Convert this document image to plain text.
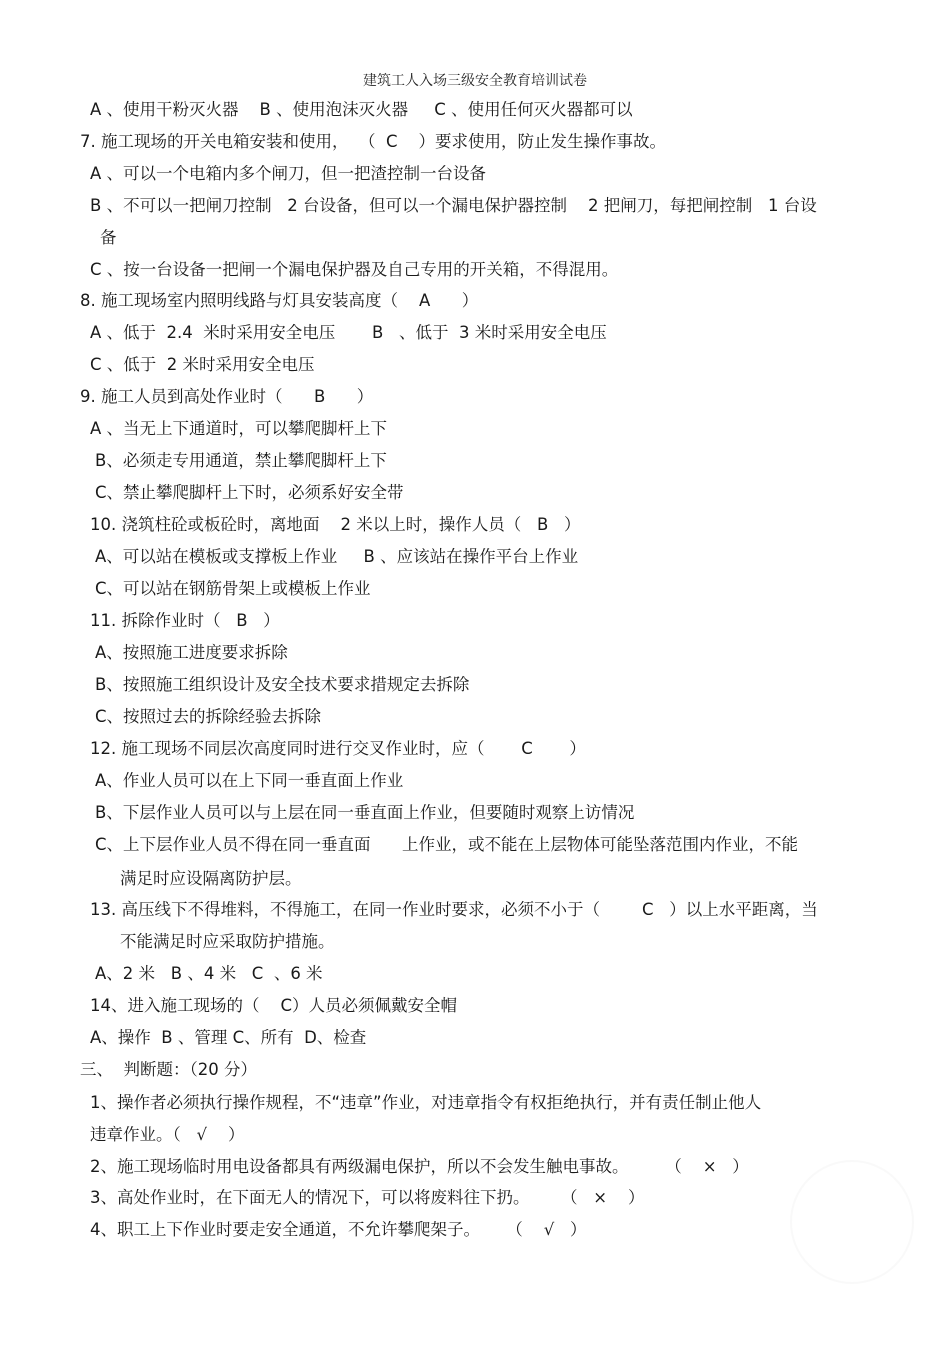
建筑工人入场三级安全教育培训试卷
A 、使用干粉灭火器    B 、使用泡沫灭火器     C 、使用任何灭火器都可以
7. 施工现场的开关电箱安装和使用，  （  C    ）要求使用，防止发生操作事故。
A 、可以一个电箱内多个闸刀，但一把渣控制一台设备
B 、不可以一把闸刀控制   2 台设备，但可以一个漏电保护器控制    2 把闸刀，每把闸控制   1 台设
备
C 、按一台设备一把闸一个漏电保护器及自己专用的开关箱，不得混用。
8. 施工现场室内照明线路与灯具安装高度（    A      ）
A 、低于  2.4  米时采用安全电压       B   、低于  3 米时采用安全电压
C 、低于  2 米时采用安全电压
9. 施工人员到高处作业时（      B      ）
A 、当无上下通道时，可以攀爬脚杆上下
B、必须走专用通道，禁止攀爬脚杆上下
C、禁止攀爬脚杆上下时，必须系好安全带
10. 浇筑柱砼或板砼时，离地面    2 米以上时，操作人员（   B   ）
A、可以站在模板或支撑板上作业     B 、应该站在操作平台上作业
C、可以站在钢筋骨架上或模板上作业
11. 拆除作业时（   B   ）
A、按照施工进度要求拆除
B、按照施工组织设计及安全技术要求措规定去拆除
C、按照过去的拆除经验去拆除
12. 施工现场不同层次高度同时进行交叉作业时，应（       C       ）
A、作业人员可以在上下同一垂直面上作业
B、下层作业人员可以与上层在同一垂直面上作业，但要随时观察上访情况
C、上下层作业人员不得在同一垂直面      上作业，或不能在上层物体可能坠落范围内作业，不能
满足时应设隔离防护层。
13. 高压线下不得堆料，不得施工，在同一作业时要求，必须不小于（        C   ）以上水平距离，当
不能满足时应采取防护措施。
A、2 米   B 、4 米   C  、6 米
14、进入施工现场的（    C）人员必须佩戴安全帽
A、操作  B 、管理 C、所有  D、检查
三、  判断题：（20 分）
1、操作者必须执行操作规程，不“违章”作业，对违章指令有权拒绝执行，并有责任制止他人
违章作业。（   √    ）
2、施工现场临时用电设备都具有两级漏电保护，所以不会发生触电事故。       （    ×   ）
3、高处作业时，在下面无人的情况下，可以将废料往下扔。      （   ×    ）
4、职工上下作业时要走安全通道，不允许攀爬架子。     （    √   ）
